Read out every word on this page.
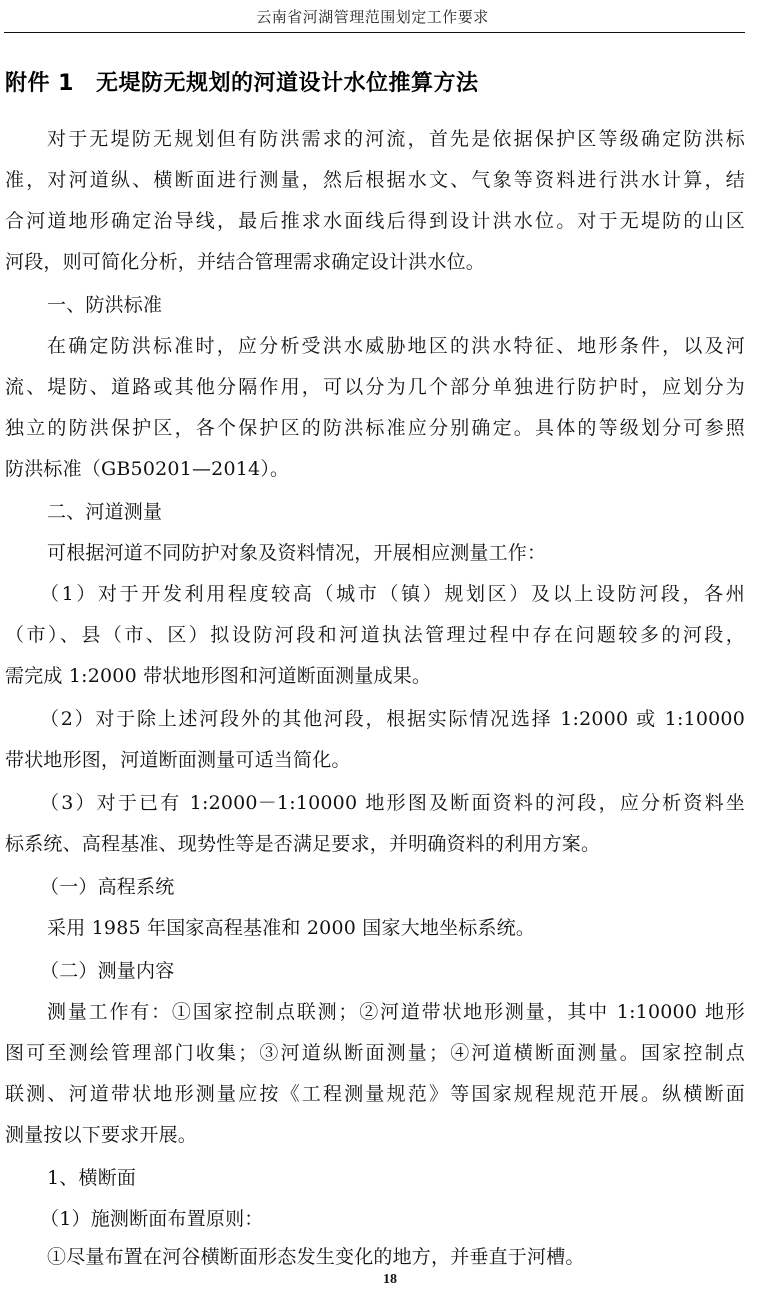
云南省河湖管理范围划定工作要求
附件 1 无堤防无规划的河道设计水位推算方法
对于无堤防无规划但有防洪需求的河流，首先是依据保护区等级确定防洪标
准，对河道纵、横断面进行测量，然后根据水文、气象等资料进行洪水计算，结
合河道地形确定治导线，最后推求水面线后得到设计洪水位。对于无堤防的山区
河段，则可简化分析，并结合管理需求确定设计洪水位。
一、防洪标准
在确定防洪标准时，应分析受洪水威胁地区的洪水特征、地形条件，以及河
流、堤防、道路或其他分隔作用，可以分为几个部分单独进行防护时，应划分为
独立的防洪保护区，各个保护区的防洪标准应分别确定。具体的等级划分可参照
防洪标准（GB50201—2014）。
二、河道测量
可根据河道不同防护对象及资料情况，开展相应测量工作：
（1）对于开发利用程度较高（城市（镇）规划区）及以上设防河段，各州
（市）、县（市、区）拟设防河段和河道执法管理过程中存在问题较多的河段，
需完成 1:2000 带状地形图和河道断面测量成果。
（2）对于除上述河段外的其他河段，根据实际情况选择 1:2000 或 1:10000
带状地形图，河道断面测量可适当简化。
（3）对于已有 1:2000－1:10000 地形图及断面资料的河段，应分析资料坐
标系统、高程基准、现势性等是否满足要求，并明确资料的利用方案。
（一）高程系统
采用 1985 年国家高程基准和 2000 国家大地坐标系统。
（二）测量内容
测量工作有：①国家控制点联测；②河道带状地形测量，其中 1:10000 地形
图可至测绘管理部门收集；③河道纵断面测量；④河道横断面测量。国家控制点
联测、河道带状地形测量应按《工程测量规范》等国家规程规范开展。纵横断面
测量按以下要求开展。
1、横断面
（1）施测断面布置原则：
①尽量布置在河谷横断面形态发生变化的地方，并垂直于河槽。
18
